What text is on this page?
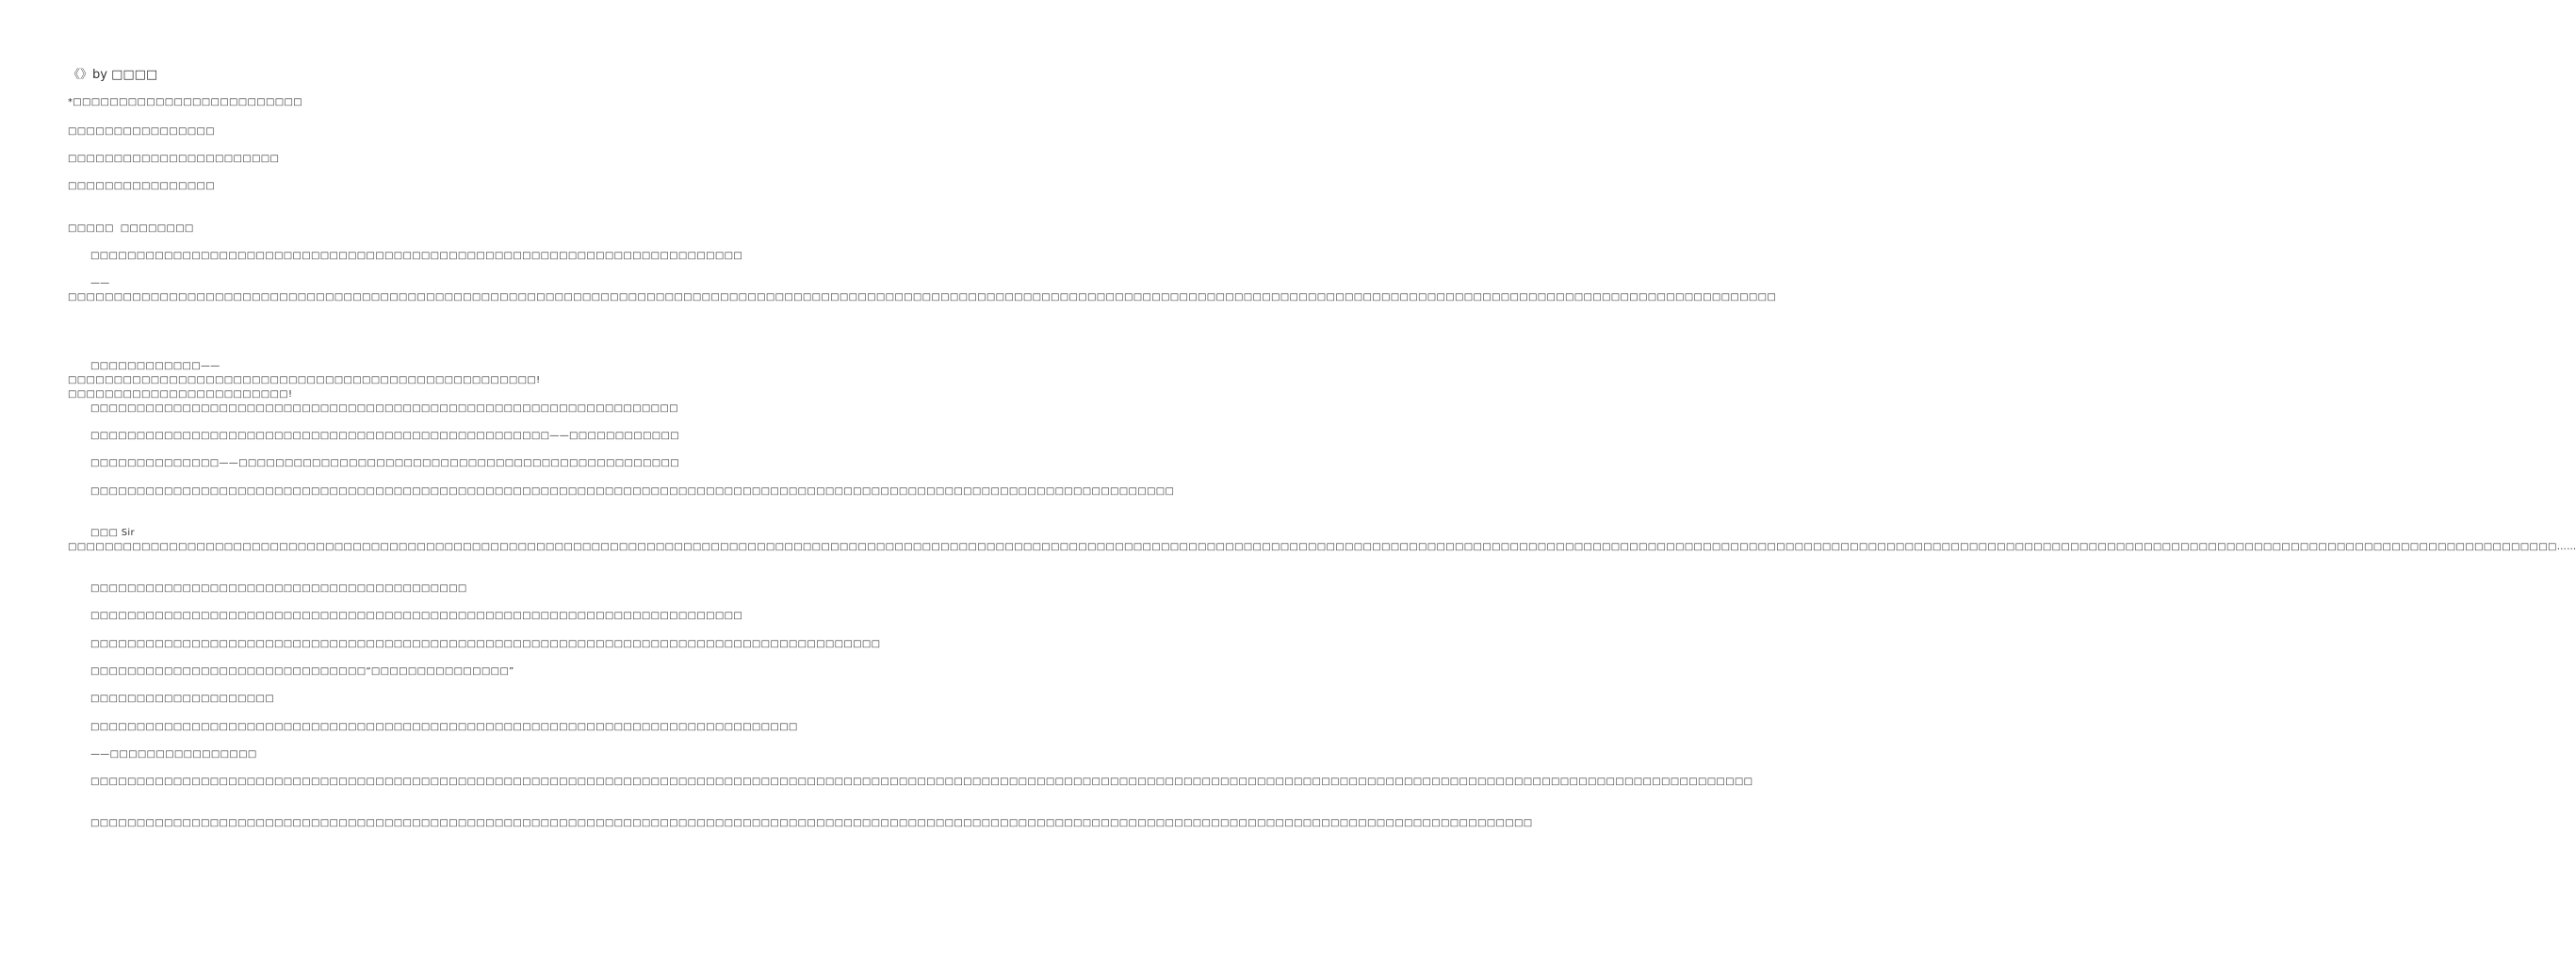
《》by □□□□
*□□□□□□□□□□□□□□□□□□□□□□□□□
□□□□□□□□□□□□□□□□
□□□□□□□□□□□□□□□□□□□□□□□
□□□□□□□□□□□□□□□□
□□□□□  □□□□□□□□
□□□□□□□□□□□□□□□□□□□□□□□□□□□□□□□□□□□□□□□□□□□□□□□□□□□□□□□□□□□□□□□□□□□□□□□
——□□□□□□□□□□□□□□□□□□□□□□□□□□□□□□□□□□□□□□□□□□□□□□□□□□□□□□□□□□□□□□□□□□□□□□□□□□□□□□□□□□□□□□□□□□□□□□□□□□□□□□□□□□□□□□□□□□□□□□□□□□□□□□□□□□□□□□□□□□□□□□□□□□□□□□□□□□□□□□□□□□□□□□□□□□□□□□□□□□□□□□□□□□
□□□□□□□□□□□□——□□□□□□□□□□□□□□□□□□□□□□□□□□□□□□□□□□□□□□□□□□□□□□□□□□□!□□□□□□□□□□□□□□□□□□□□□□□□!
□□□□□□□□□□□□□□□□□□□□□□□□□□□□□□□□□□□□□□□□□□□□□□□□□□□□□□□□□□□□□□□□
□□□□□□□□□□□□□□□□□□□□□□□□□□□□□□□□□□□□□□□□□□□□□□□□□□——□□□□□□□□□□□□
□□□□□□□□□□□□□□——□□□□□□□□□□□□□□□□□□□□□□□□□□□□□□□□□□□□□□□□□□□□□□□□
□□□□□□□□□□□□□□□□□□□□□□□□□□□□□□□□□□□□□□□□□□□□□□□□□□□□□□□□□□□□□□□□□□□□□□□□□□□□□□□□□□□□□□□□□□□□□□□□□□□□□□□□□□□□□□□□□□□□□□
□□□ Sir □□□□□□□□□□□□□□□□□□□□□□□□□□□□□□□□□□□□□□□□□□□□□□□□□□□□□□□□□□□□□□□□□□□□□□□□□□□□□□□□□□□□□□□□□□□□□□□□□□□□□□□□□□□□□□□□□□□□□□□□□□□□□□□□□□□□□□□□□□□□□□□□□□□□□□□□□□□□□□□□□□□□□□□□□□□□□□□□□□□□□□□□□□□□□□□□□□□□□□□□□□□□□□□□□□□□□□□□□□□□□□□□□□□□□□□□□□□□□□□□□□□□□□□□□□□□□□□□□□□□□□□□□□□□□□□……
□□□□□□□□□□□□□□□□□□□□□□□□□□□□□□□□□□□□□□□□□
□□□□□□□□□□□□□□□□□□□□□□□□□□□□□□□□□□□□□□□□□□□□□□□□□□□□□□□□□□□□□□□□□□□□□□□
□□□□□□□□□□□□□□□□□□□□□□□□□□□□□□□□□□□□□□□□□□□□□□□□□□□□□□□□□□□□□□□□□□□□□□□□□□□□□□□□□□□□□□
□□□□□□□□□□□□□□□□□□□□□□□□□□□□□□“□□□□□□□□□□□□□□□”
□□□□□□□□□□□□□□□□□□□□
□□□□□□□□□□□□□□□□□□□□□□□□□□□□□□□□□□□□□□□□□□□□□□□□□□□□□□□□□□□□□□□□□□□□□□□□□□□□□
——□□□□□□□□□□□□□□□□
□□□□□□□□□□□□□□□□□□□□□□□□□□□□□□□□□□□□□□□□□□□□□□□□□□□□□□□□□□□□□□□□□□□□□□□□□□□□□□□□□□□□□□□□□□□□□□□□□□□□□□□□□□□□□□□□□□□□□□□□□□□□□□□□□□□□□□□□□□□□□□□□□□□□□□□□□□□□□□□□□□□□□□□□□□□□□□□□□□□□□
□□□□□□□□□□□□□□□□□□□□□□□□□□□□□□□□□□□□□□□□□□□□□□□□□□□□□□□□□□□□□□□□□□□□□□□□□□□□□□□□□□□□□□□□□□□□□□□□□□□□□□□□□□□□□□□□□□□□□□□□□□□□□□□□□□□□□□□□□□□□□□□□□□□□□□□□□□□□□
